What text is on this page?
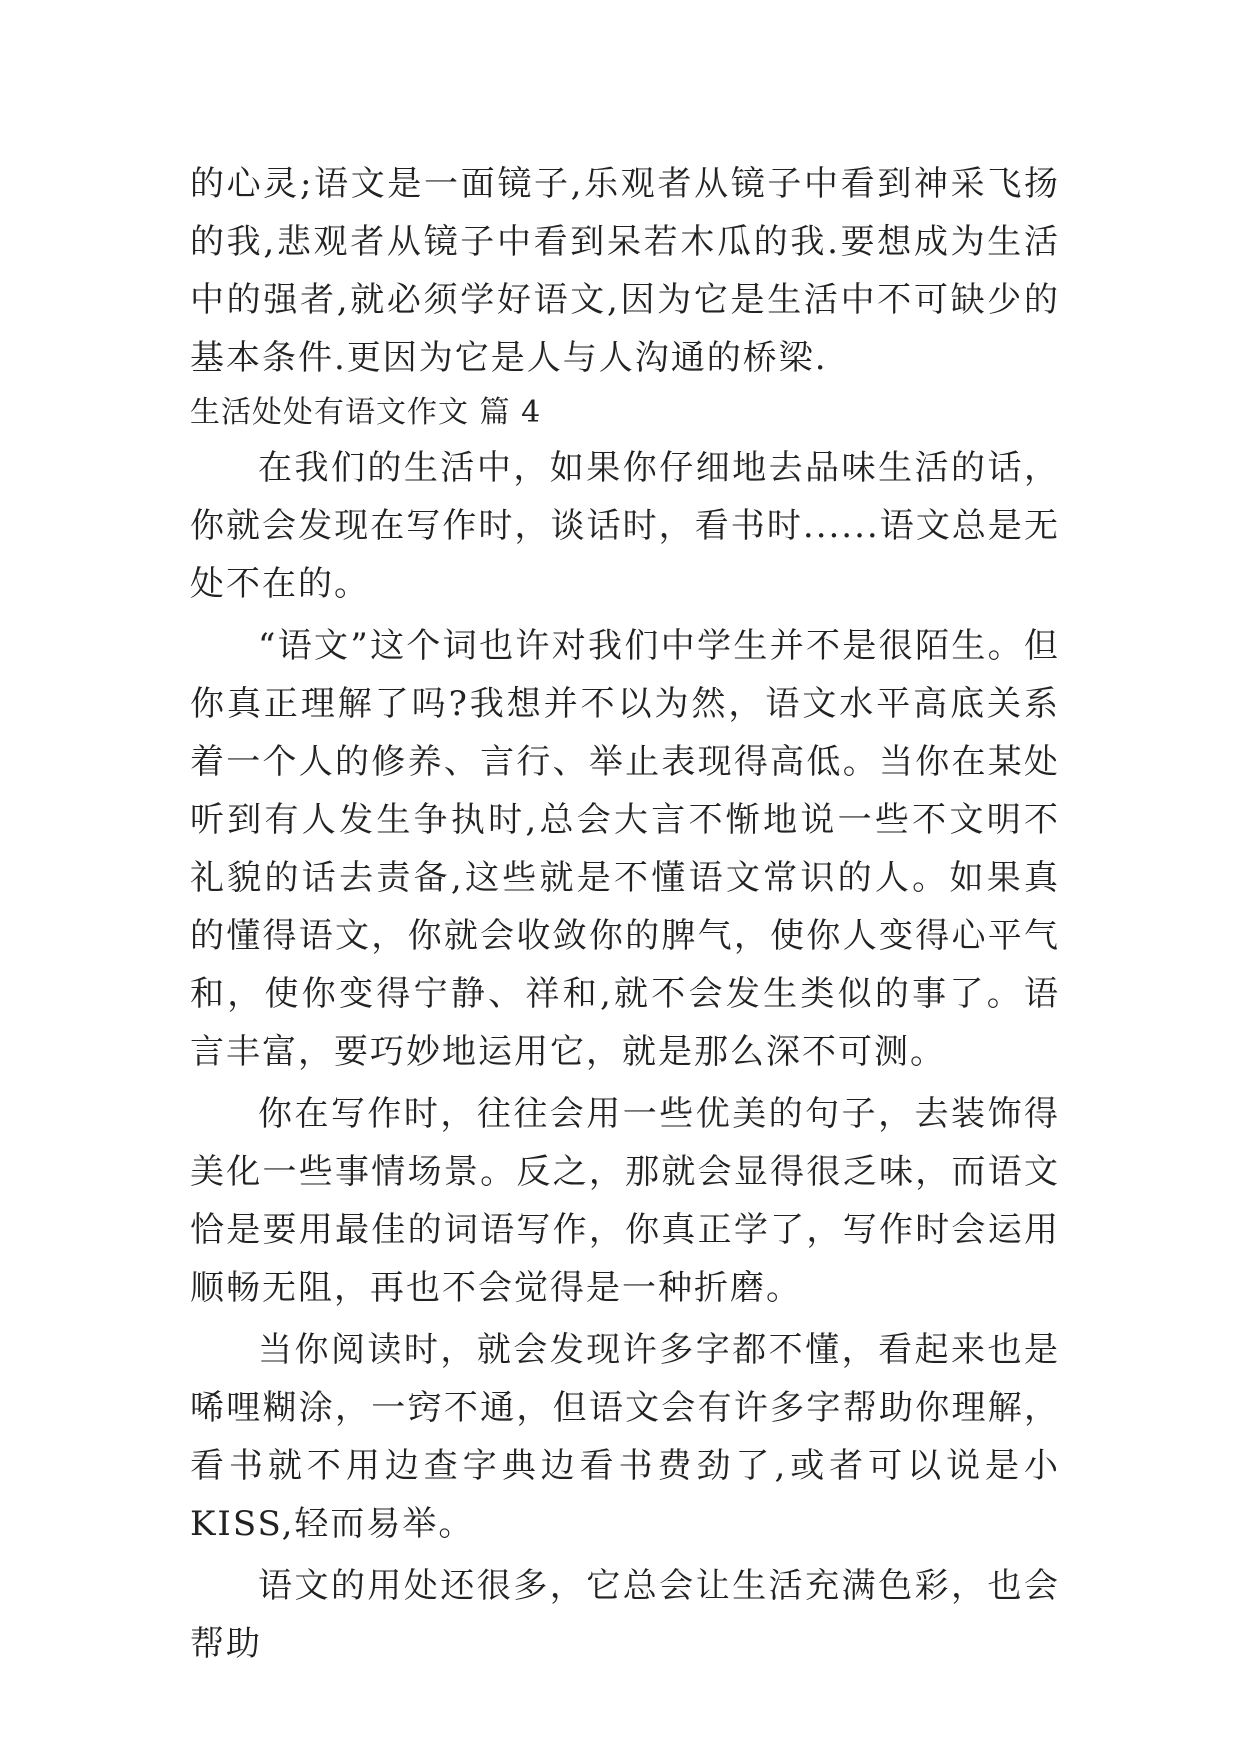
的心灵;语文是一面镜子,乐观者从镜子中看到神采飞扬的我,悲观者从镜子中看到呆若木瓜的我.要想成为生活中的强者,就必须学好语文,因为它是生活中不可缺少的基本条件.更因为它是人与人沟通的桥梁.

生活处处有语文作文 篇 4

在我们的生活中，如果你仔细地去品味生活的话，你就会发现在写作时，谈话时，看书时......语文总是无处不在的。

“语文”这个词也许对我们中学生并不是很陌生。但你真正理解了吗?我想并不以为然，语文水平高底关系着一个人的修养、言行、举止表现得高低。当你在某处听到有人发生争执时,总会大言不惭地说一些不文明不礼貌的话去责备,这些就是不懂语文常识的人。如果真的懂得语文，你就会收敛你的脾气，使你人变得心平气和，使你变得宁静、祥和,就不会发生类似的事了。语言丰富，要巧妙地运用它，就是那么深不可测。

你在写作时，往往会用一些优美的句子，去装饰得美化一些事情场景。反之，那就会显得很乏味，而语文恰是要用最佳的词语写作，你真正学了，写作时会运用顺畅无阻，再也不会觉得是一种折磨。

当你阅读时，就会发现许多字都不懂，看起来也是唏哩糊涂，一窍不通，但语文会有许多字帮助你理解，看书就不用边查字典边看书费劲了,或者可以说是小 KISS,轻而易举。

语文的用处还很多，它总会让生活充满色彩，也会帮助
